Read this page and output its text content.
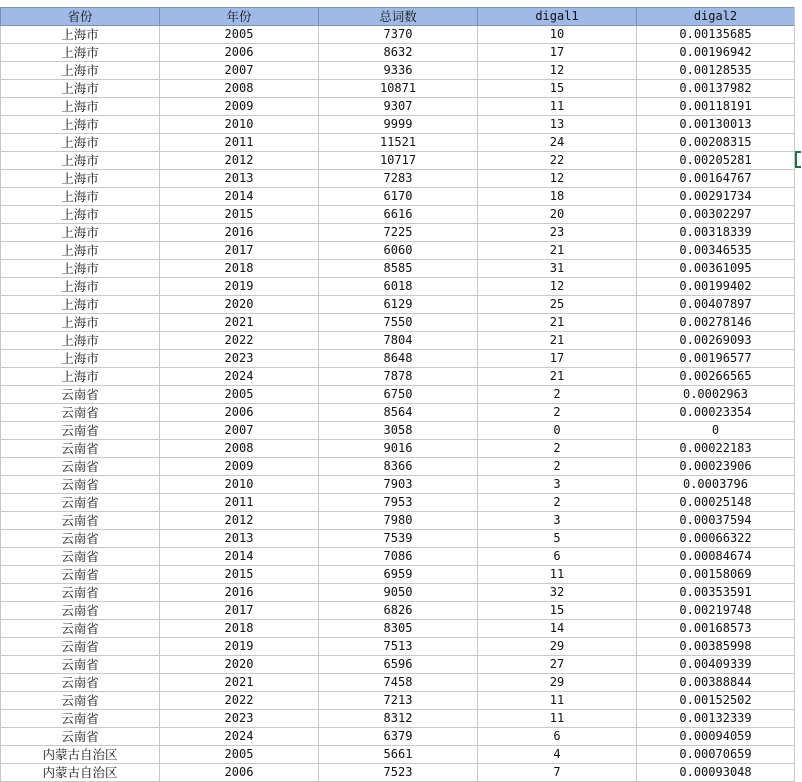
省份	年份	总词数	digal1	digal2
上海市	2005	7370	10	0.00135685
上海市	2006	8632	17	0.00196942
上海市	2007	9336	12	0.00128535
上海市	2008	10871	15	0.00137982
上海市	2009	9307	11	0.00118191
上海市	2010	9999	13	0.00130013
上海市	2011	11521	24	0.00208315
上海市	2012	10717	22	0.00205281
上海市	2013	7283	12	0.00164767
上海市	2014	6170	18	0.00291734
上海市	2015	6616	20	0.00302297
上海市	2016	7225	23	0.00318339
上海市	2017	6060	21	0.00346535
上海市	2018	8585	31	0.00361095
上海市	2019	6018	12	0.00199402
上海市	2020	6129	25	0.00407897
上海市	2021	7550	21	0.00278146
上海市	2022	7804	21	0.00269093
上海市	2023	8648	17	0.00196577
上海市	2024	7878	21	0.00266565
云南省	2005	6750	2	0.0002963
云南省	2006	8564	2	0.00023354
云南省	2007	3058	0	0
云南省	2008	9016	2	0.00022183
云南省	2009	8366	2	0.00023906
云南省	2010	7903	3	0.0003796
云南省	2011	7953	2	0.00025148
云南省	2012	7980	3	0.00037594
云南省	2013	7539	5	0.00066322
云南省	2014	7086	6	0.00084674
云南省	2015	6959	11	0.00158069
云南省	2016	9050	32	0.00353591
云南省	2017	6826	15	0.00219748
云南省	2018	8305	14	0.00168573
云南省	2019	7513	29	0.00385998
云南省	2020	6596	27	0.00409339
云南省	2021	7458	29	0.00388844
云南省	2022	7213	11	0.00152502
云南省	2023	8312	11	0.00132339
云南省	2024	6379	6	0.00094059
内蒙古自治区	2005	5661	4	0.00070659
内蒙古自治区	2006	7523	7	0.00093048
